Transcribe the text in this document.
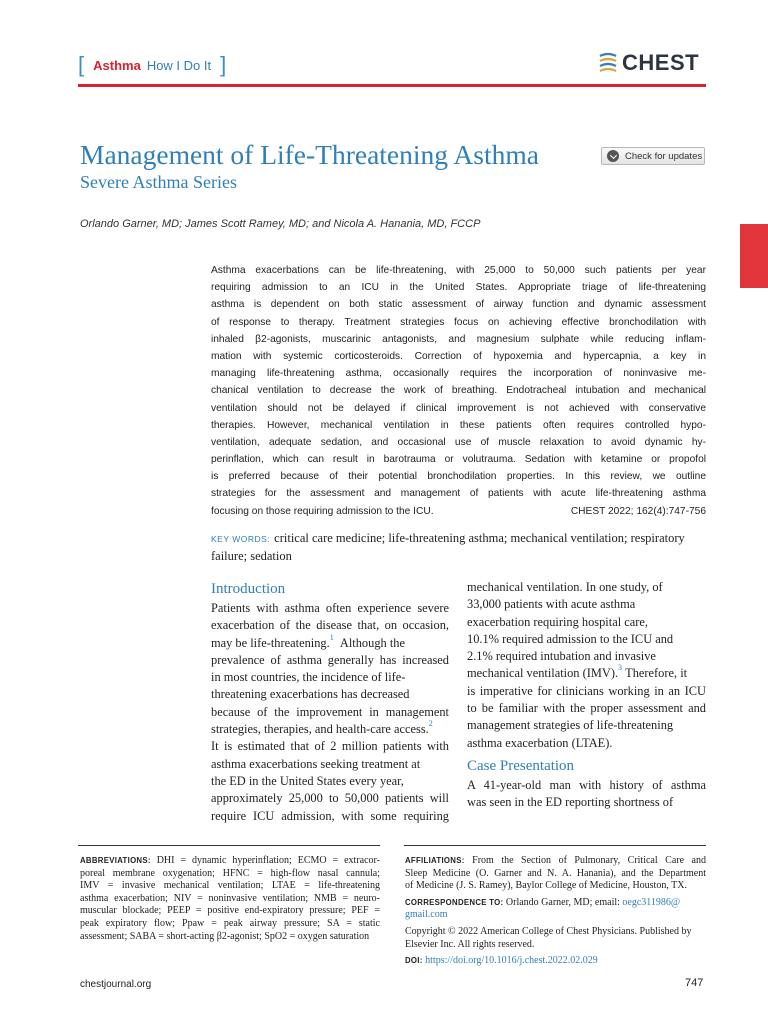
[ Asthma How I Do It ]	CHEST
Management of Life-Threatening Asthma
Severe Asthma Series
Check for updates
Orlando Garner, MD; James Scott Ramey, MD; and Nicola A. Hanania, MD, FCCP
Asthma exacerbations can be life-threatening, with 25,000 to 50,000 such patients per year
requiring admission to an ICU in the United States. Appropriate triage of life-threatening
asthma is dependent on both static assessment of airway function and dynamic assessment
of response to therapy. Treatment strategies focus on achieving effective bronchodilation with
inhaled β2-agonists, muscarinic antagonists, and magnesium sulphate while reducing inflam-
mation with systemic corticosteroids. Correction of hypoxemia and hypercapnia, a key in
managing life-threatening asthma, occasionally requires the incorporation of noninvasive me-
chanical ventilation to decrease the work of breathing. Endotracheal intubation and mechanical
ventilation should not be delayed if clinical improvement is not achieved with conservative
therapies. However, mechanical ventilation in these patients often requires controlled hypo-
ventilation, adequate sedation, and occasional use of muscle relaxation to avoid dynamic hy-
perinflation, which can result in barotrauma or volutrauma. Sedation with ketamine or propofol
is preferred because of their potential bronchodilation properties. In this review, we outline
strategies for the assessment and management of patients with acute life-threatening asthma
focusing on those requiring admission to the ICU.	CHEST 2022; 162(4):747-756
KEY WORDS: critical care medicine; life-threatening asthma; mechanical ventilation; respiratory failure; sedation
Introduction
Patients with asthma often experience severe
exacerbation of the disease that, on occasion,
may be life-threatening.$^1$ Although the
prevalence of asthma generally has increased
in most countries, the incidence of life-
threatening exacerbations has decreased
because of the improvement in management
strategies, therapies, and health-care access.$^2$
It is estimated that of 2 million patients with
asthma exacerbations seeking treatment at
the ED in the United States every year,
approximately 25,000 to 50,000 patients will
require ICU admission, with some requiring
mechanical ventilation. In one study, of
33,000 patients with acute asthma
exacerbation requiring hospital care,
10.1% required admission to the ICU and
2.1% required intubation and invasive
mechanical ventilation (IMV).$^3$ Therefore, it
is imperative for clinicians working in an ICU
to be familiar with the proper assessment and
management strategies of life-threatening
asthma exacerbation (LTAE).
Case Presentation
A 41-year-old man with history of asthma
was seen in the ED reporting shortness of
ABBREVIATIONS: DHI = dynamic hyperinflation; ECMO = extracor-
poreal membrane oxygenation; HFNC = high-flow nasal cannula;
IMV = invasive mechanical ventilation; LTAE = life-threatening
asthma exacerbation; NIV = noninvasive ventilation; NMB = neuro-
muscular blockade; PEEP = positive end-expiratory pressure; PEF =
peak expiratory flow; Ppaw = peak airway pressure; SA = static
assessment; SABA = short-acting β2-agonist; SpO2 = oxygen saturation
AFFILIATIONS: From the Section of Pulmonary, Critical Care and
Sleep Medicine (O. Garner and N. A. Hanania), and the Department
of Medicine (J. S. Ramey), Baylor College of Medicine, Houston, TX.
CORRESPONDENCE TO: Orlando Garner, MD; email: oegc311986@
gmail.com
Copyright © 2022 American College of Chest Physicians. Published by
Elsevier Inc. All rights reserved.
DOI: https://doi.org/10.1016/j.chest.2022.02.029
chestjournal.org	747
